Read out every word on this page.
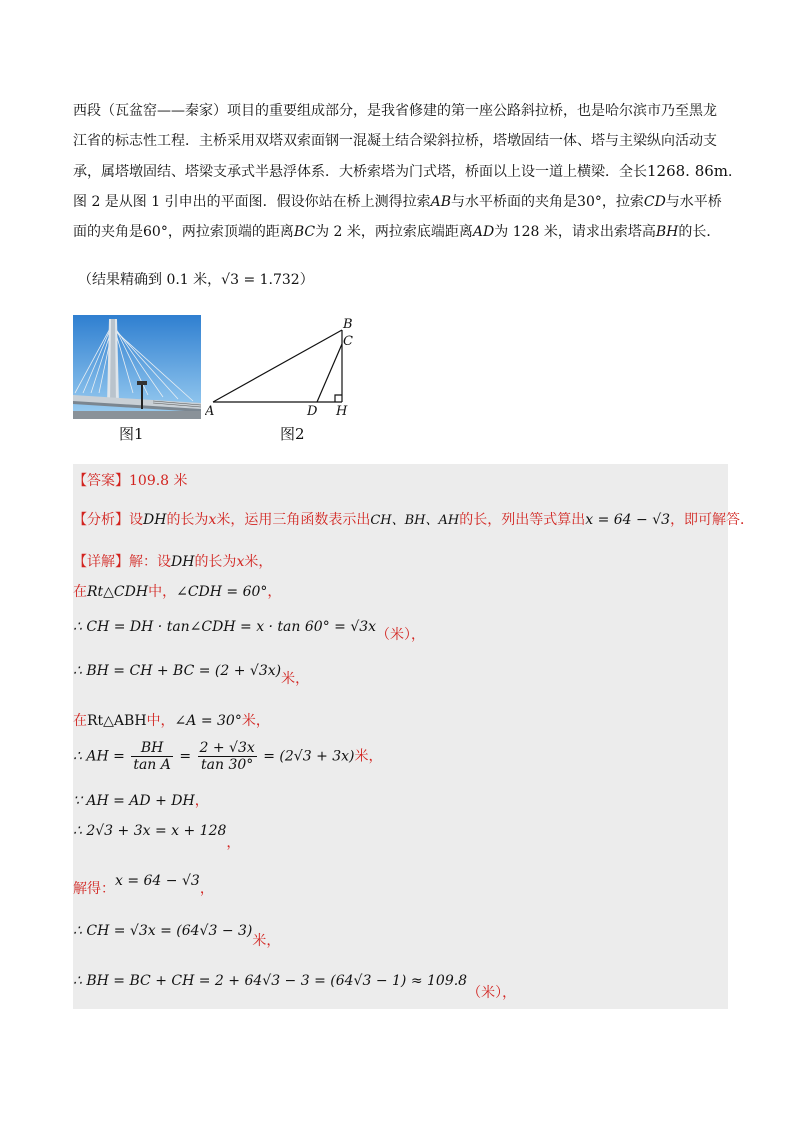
西段（瓦盆窑——秦家）项目的重要组成部分，是我省修建的第一座公路斜拉桥，也是哈尔滨市乃至黑龙

江省的标志性工程．主桥采用双塔双索面钢一混凝土结合梁斜拉桥，塔墩固结一体、塔与主梁纵向活动支

承，属塔墩固结、塔梁支承式半悬浮体系．大桥索塔为门式塔，桥面以上设一道上横梁．全长1268. 86m．

图 2 是从图 1 引申出的平面图．假设你站在桥上测得拉索AB与水平桥面的夹角是30°，拉索CD与水平桥

面的夹角是60°，两拉索顶端的距离BC为 2 米，两拉索底端距离AD为 128 米，请求出索塔高BH的长．

（结果精确到 0.1 米，√3 = 1.732）
图1
A
B
C
D H
图2
【答案】109.8 米
【分析】设DH的长为x米，运用三角函数表示出CH、BH、AH的长，列出等式算出x = 64 − √3，即可解答．
【详解】解：设DH的长为x米，
在Rt△CDH中，∠CDH = 60°，
∴ CH = DH · tan∠CDH = x · tan 60° = √3x（米），
∴ BH = CH + BC = (2 + √3x)米，
在Rt△ABH中，∠A = 30°米，
∴ AH = $\frac{BH}{\text{tan A}} = \frac{2 + √3x}{\tan 30^\circ} = (2√3 + 3x)$米，
∵ AH = AD + DH，
∴ 2√3 + 3x = x + 128，
解得：x = 64 − √3，
∴ CH = √3x = (64√3 − 3)米，
∴ BH = BC + CH = 2 + 64√3 − 3 = (64√3 − 1) ≈ 109.8（米），
